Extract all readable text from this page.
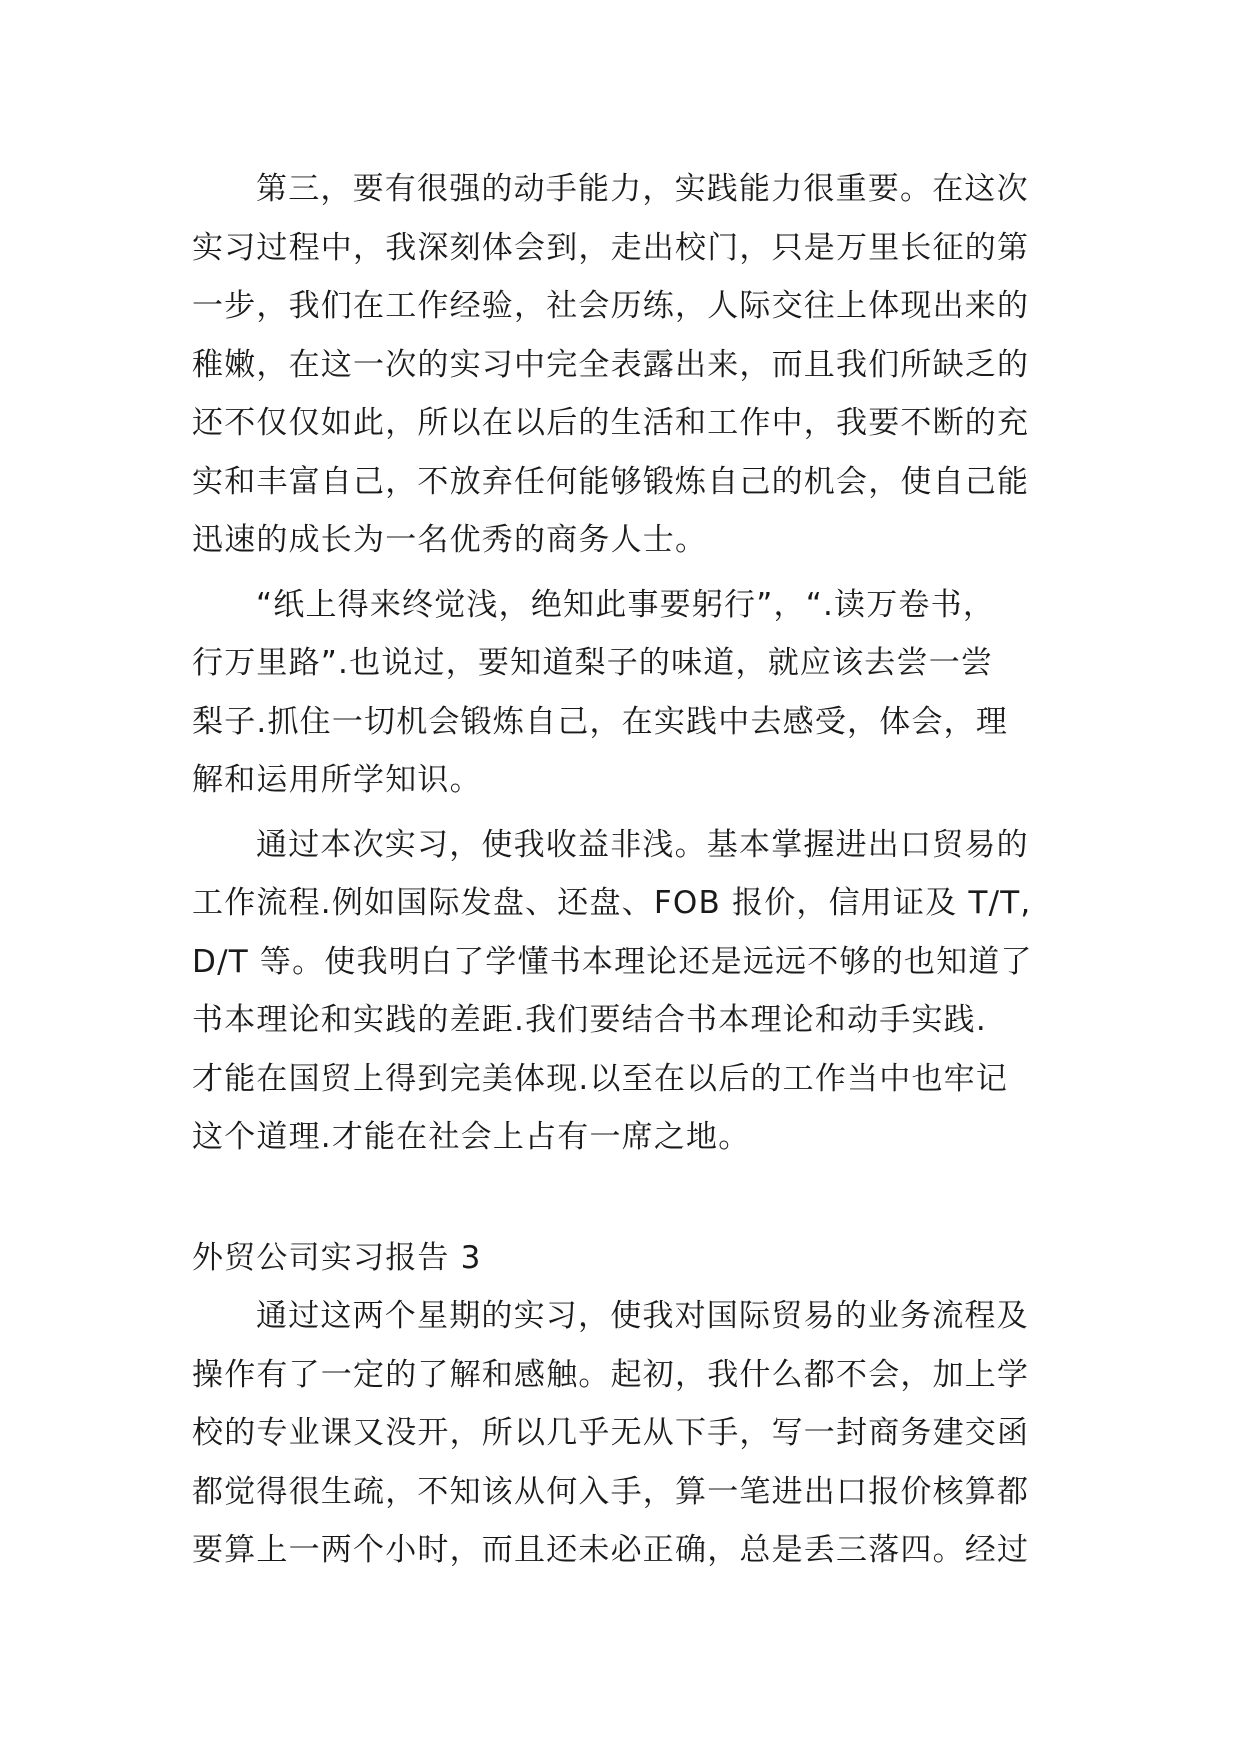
第三，要有很强的动手能力，实践能力很重要。在这次
实习过程中，我深刻体会到，走出校门，只是万里长征的第
一步，我们在工作经验，社会历练，人际交往上体现出来的
稚嫩，在这一次的实习中完全表露出来，而且我们所缺乏的
还不仅仅如此，所以在以后的生活和工作中，我要不断的充
实和丰富自己，不放弃任何能够锻炼自己的机会，使自己能
迅速的成长为一名优秀的商务人士。
“纸上得来终觉浅，绝知此事要躬行”，“.读万卷书，
行万里路”.也说过，要知道梨子的味道，就应该去尝一尝
梨子.抓住一切机会锻炼自己，在实践中去感受，体会，理
解和运用所学知识。
通过本次实习，使我收益非浅。基本掌握进出口贸易的
工作流程.例如国际发盘、还盘、FOB 报价，信用证及 T/T,
D/T 等。使我明白了学懂书本理论还是远远不够的也知道了
书本理论和实践的差距.我们要结合书本理论和动手实践.
才能在国贸上得到完美体现.以至在以后的工作当中也牢记
这个道理.才能在社会上占有一席之地。
外贸公司实习报告 3
通过这两个星期的实习，使我对国际贸易的业务流程及
操作有了一定的了解和感触。起初，我什么都不会，加上学
校的专业课又没开，所以几乎无从下手，写一封商务建交函
都觉得很生疏，不知该从何入手，算一笔进出口报价核算都
要算上一两个小时，而且还未必正确，总是丢三落四。经过
